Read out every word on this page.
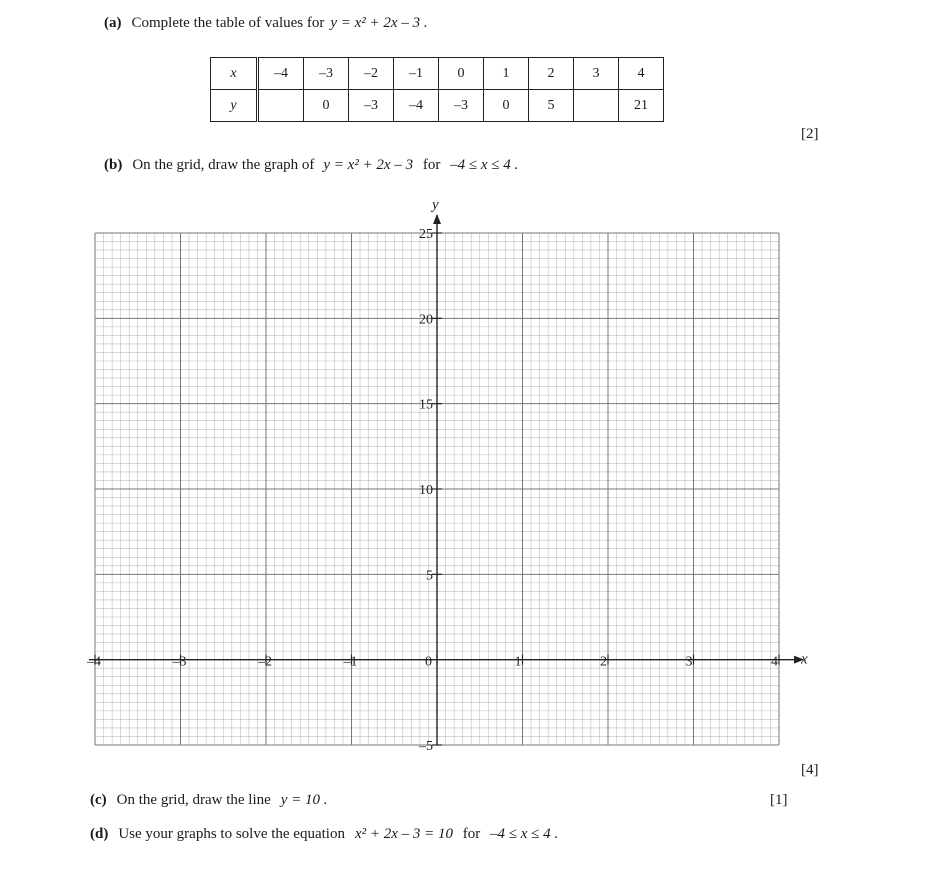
(a) Complete the table of values for y = x² + 2x – 3 .
x	–4	–3	–2	–1	0	1	2	3	4
y		0	–3	–4	–3	0	5		21
[2]
(b) On the grid, draw the graph of y = x² + 2x – 3 for –4 ≤ x ≤ 4 .
–4	–3	–2	–1	0	1	2	3	4
–5
5
10
15
20
25
x
y
[4]
(c) On the grid, draw the line y = 10 .	[1]
(d) Use your graphs to solve the equation x² + 2x – 3 = 10 for –4 ≤ x ≤ 4 .
